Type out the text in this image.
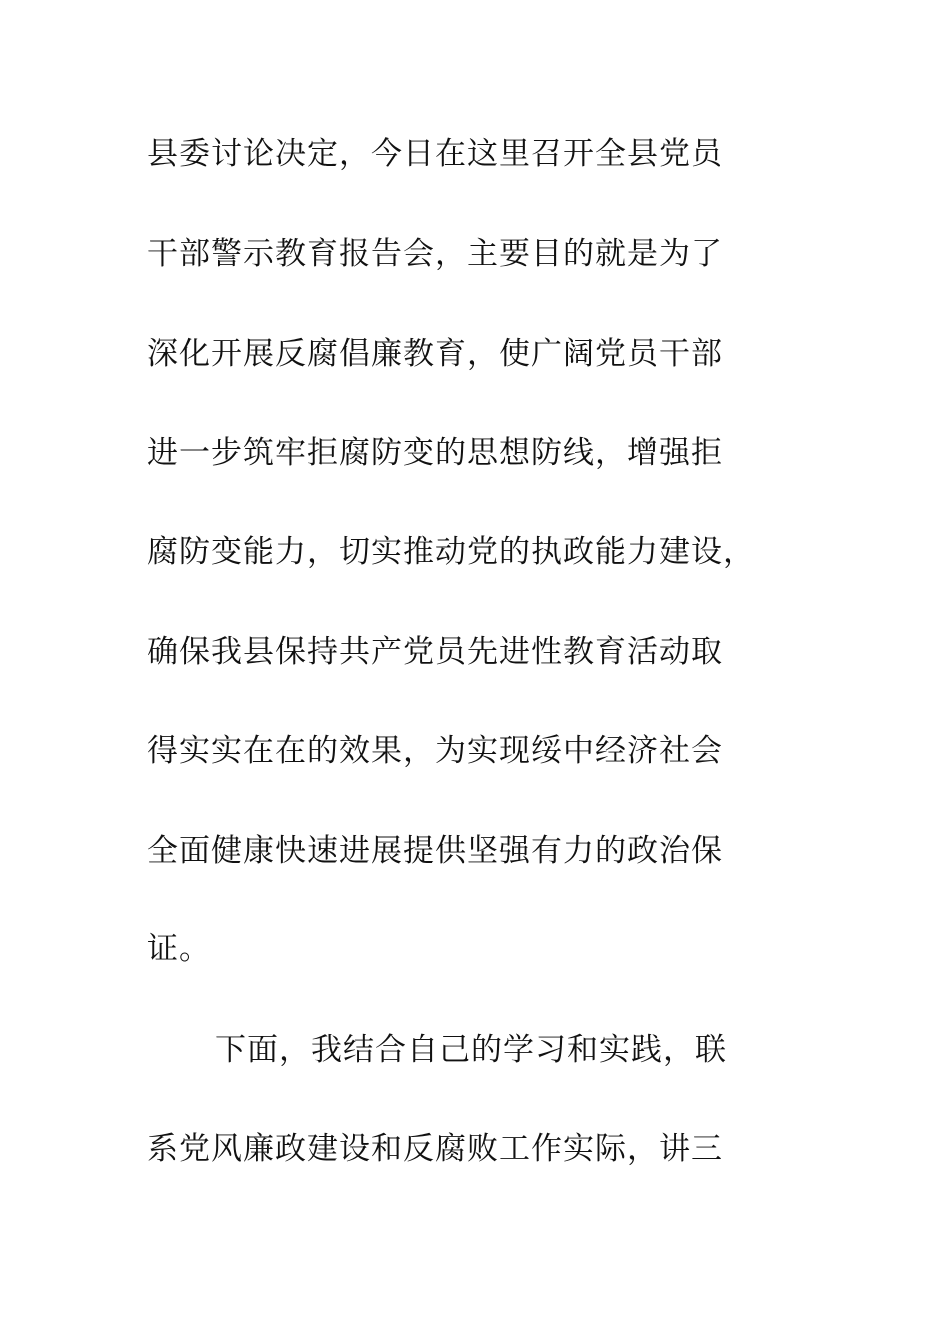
县委讨论决定，今日在这里召开全县党员
干部警示教育报告会，主要目的就是为了
深化开展反腐倡廉教育，使广阔党员干部
进一步筑牢拒腐防变的思想防线，增强拒
腐防变能力，切实推动党的执政能力建设，
确保我县保持共产党员先进性教育活动取
得实实在在的效果，为实现绥中经济社会
全面健康快速进展提供坚强有力的政治保
证。
下面，我结合自己的学习和实践，联
系党风廉政建设和反腐败工作实际，讲三
